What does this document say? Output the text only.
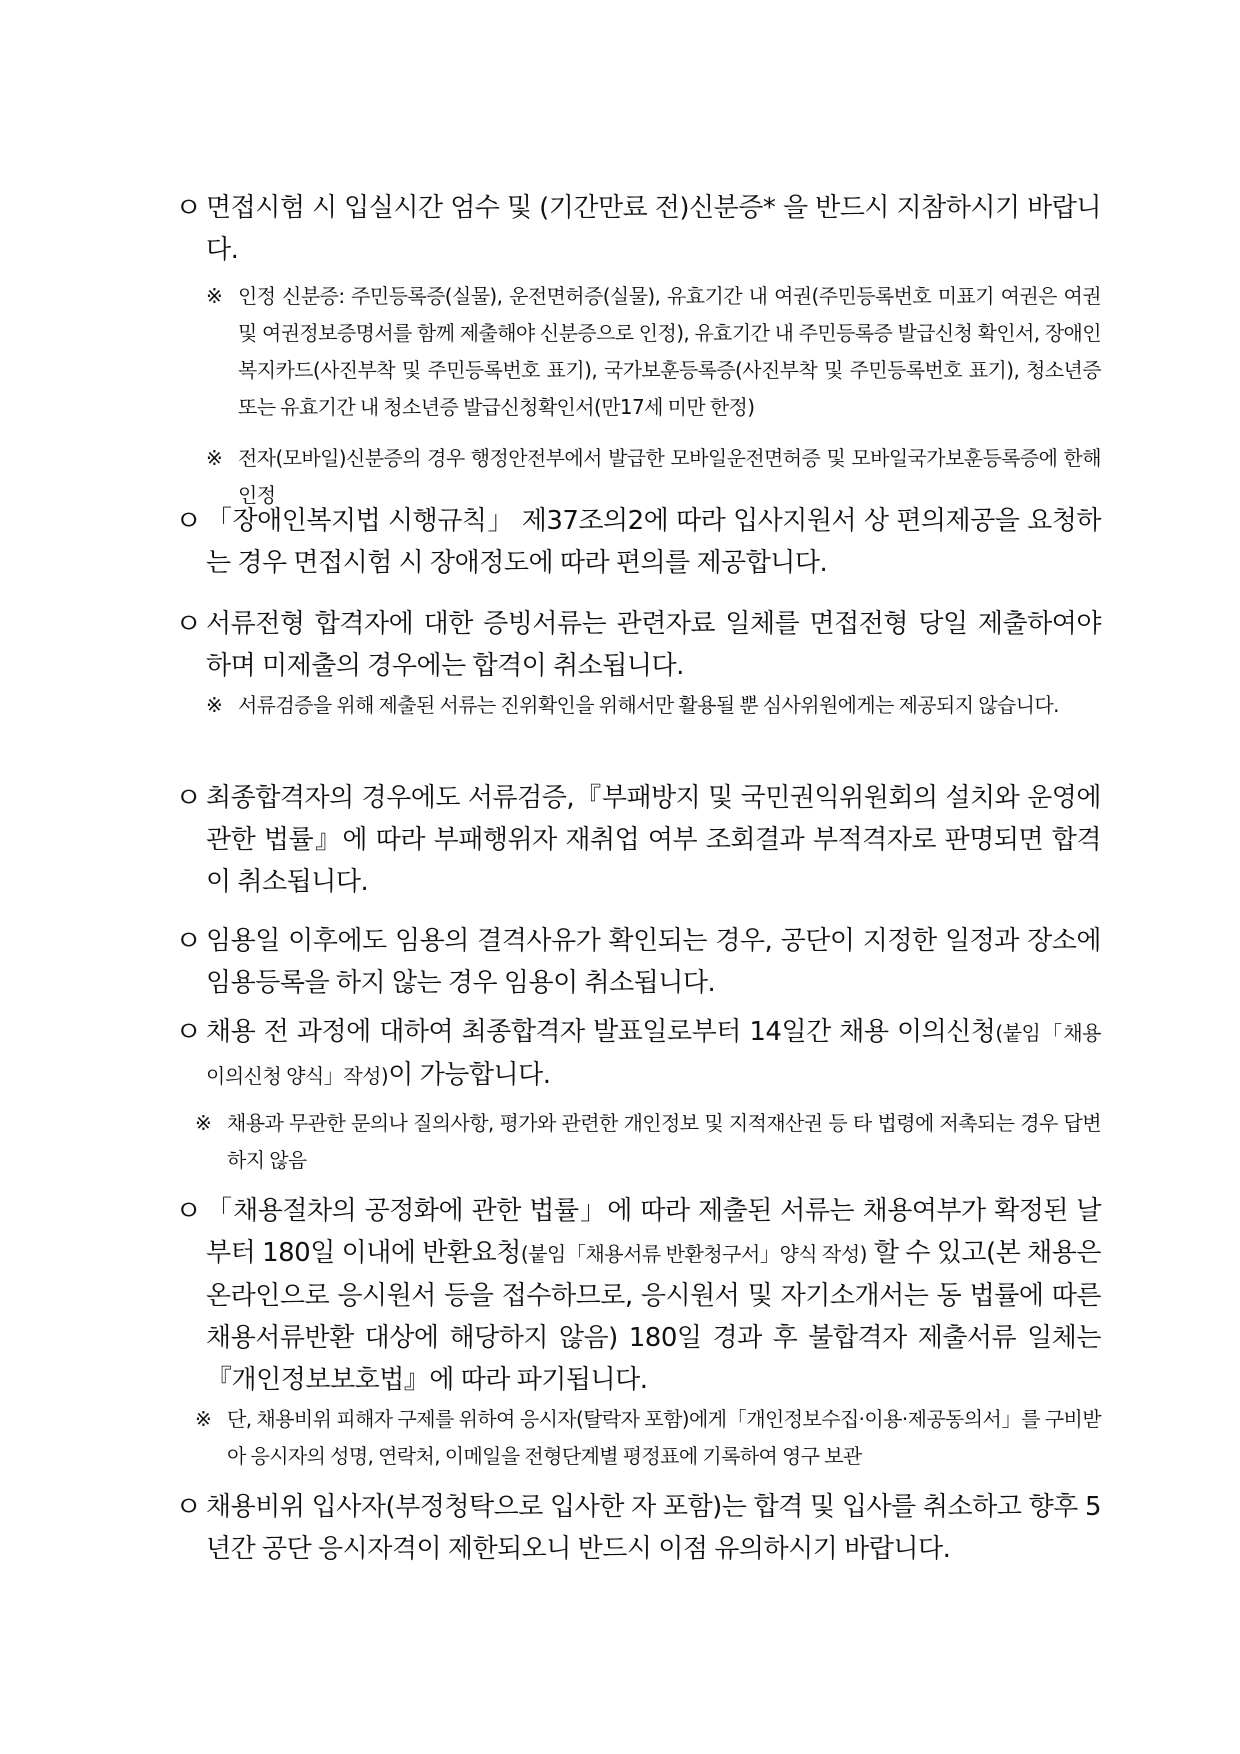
ㅇ 면접시험 시 입실시간 엄수 및 (기간만료 전)신분증* 을 반드시 지참하시기 바랍니다.
※ 인정 신분증: 주민등록증(실물), 운전면허증(실물), 유효기간 내 여권(주민등록번호 미표기 여권은 여권 및 여권정보증명서를 함께 제출해야 신분증으로 인정), 유효기간 내 주민등록증 발급신청 확인서, 장애인복지카드(사진부착 및 주민등록번호 표기), 국가보훈등록증(사진부착 및 주민등록번호 표기), 청소년증 또는 유효기간 내 청소년증 발급신청확인서(만17세 미만 한정)
※ 전자(모바일)신분증의 경우 행정안전부에서 발급한 모바일운전면허증 및 모바일국가보훈등록증에 한해 인정
ㅇ 「장애인복지법 시행규칙」 제37조의2에 따라 입사지원서 상 편의제공을 요청하는 경우 면접시험 시 장애정도에 따라 편의를 제공합니다.
ㅇ 서류전형 합격자에 대한 증빙서류는 관련자료 일체를 면접전형 당일 제출하여야 하며 미제출의 경우에는 합격이 취소됩니다.
※ 서류검증을 위해 제출된 서류는 진위확인을 위해서만 활용될 뿐 심사위원에게는 제공되지 않습니다.
ㅇ 최종합격자의 경우에도 서류검증,『부패방지 및 국민권익위원회의 설치와 운영에 관한 법률』에 따라 부패행위자 재취업 여부 조회결과 부적격자로 판명되면 합격이 취소됩니다.
ㅇ 임용일 이후에도 임용의 결격사유가 확인되는 경우, 공단이 지정한 일정과 장소에 임용등록을 하지 않는 경우 임용이 취소됩니다.
ㅇ 채용 전 과정에 대하여 최종합격자 발표일로부터 14일간 채용 이의신청(붙임「채용 이의신청 양식」작성)이 가능합니다.
※ 채용과 무관한 문의나 질의사항, 평가와 관련한 개인정보 및 지적재산권 등 타 법령에 저촉되는 경우 답변하지 않음
ㅇ 「채용절차의 공정화에 관한 법률」에 따라 제출된 서류는 채용여부가 확정된 날부터 180일 이내에 반환요청(붙임「채용서류 반환청구서」양식 작성) 할 수 있고(본 채용은 온라인으로 응시원서 등을 접수하므로, 응시원서 및 자기소개서는 동 법률에 따른 채용서류반환 대상에 해당하지 않음) 180일 경과 후 불합격자 제출서류 일체는『개인정보보호법』에 따라 파기됩니다.
※ 단, 채용비위 피해자 구제를 위하여 응시자(탈락자 포함)에게「개인정보수집·이용·제공동의서」를 구비받아 응시자의 성명, 연락처, 이메일을 전형단계별 평정표에 기록하여 영구 보관
ㅇ 채용비위 입사자(부정청탁으로 입사한 자 포함)는 합격 및 입사를 취소하고 향후 5년간 공단 응시자격이 제한되오니 반드시 이점 유의하시기 바랍니다.
